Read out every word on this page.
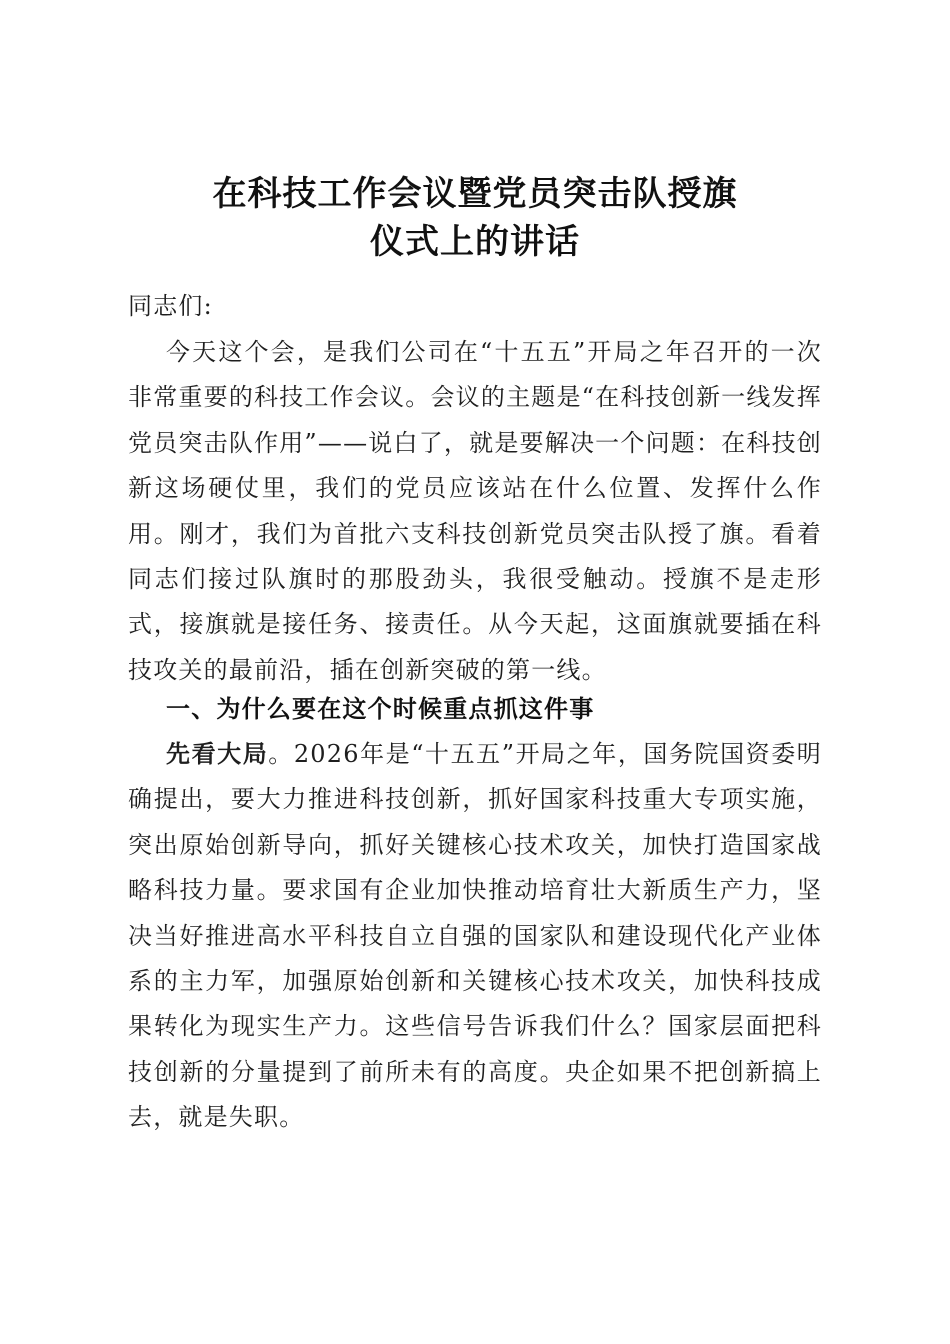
在科技工作会议暨党员突击队授旗
仪式上的讲话
同志们:
今天这个会，是我们公司在“十五五”开局之年召开的一次非常重要的科技工作会议。会议的主题是“在科技创新一线发挥党员突击队作用”——说白了，就是要解决一个问题：在科技创新这场硬仗里，我们的党员应该站在什么位置、发挥什么作用。刚才，我们为首批六支科技创新党员突击队授了旗。看着同志们接过队旗时的那股劲头，我很受触动。授旗不是走形式，接旗就是接任务、接责任。从今天起，这面旗就要插在科技攻关的最前沿，插在创新突破的第一线。
一、为什么要在这个时候重点抓这件事
先看大局。2026年是“十五五”开局之年，国务院国资委明确提出，要大力推进科技创新，抓好国家科技重大专项实施，突出原始创新导向，抓好关键核心技术攻关，加快打造国家战略科技力量。要求国有企业加快推动培育壮大新质生产力，坚决当好推进高水平科技自立自强的国家队和建设现代化产业体系的主力军，加强原始创新和关键核心技术攻关，加快科技成果转化为现实生产力。这些信号告诉我们什么？国家层面把科技创新的分量提到了前所未有的高度。央企如果不把创新搞上去，就是失职。
